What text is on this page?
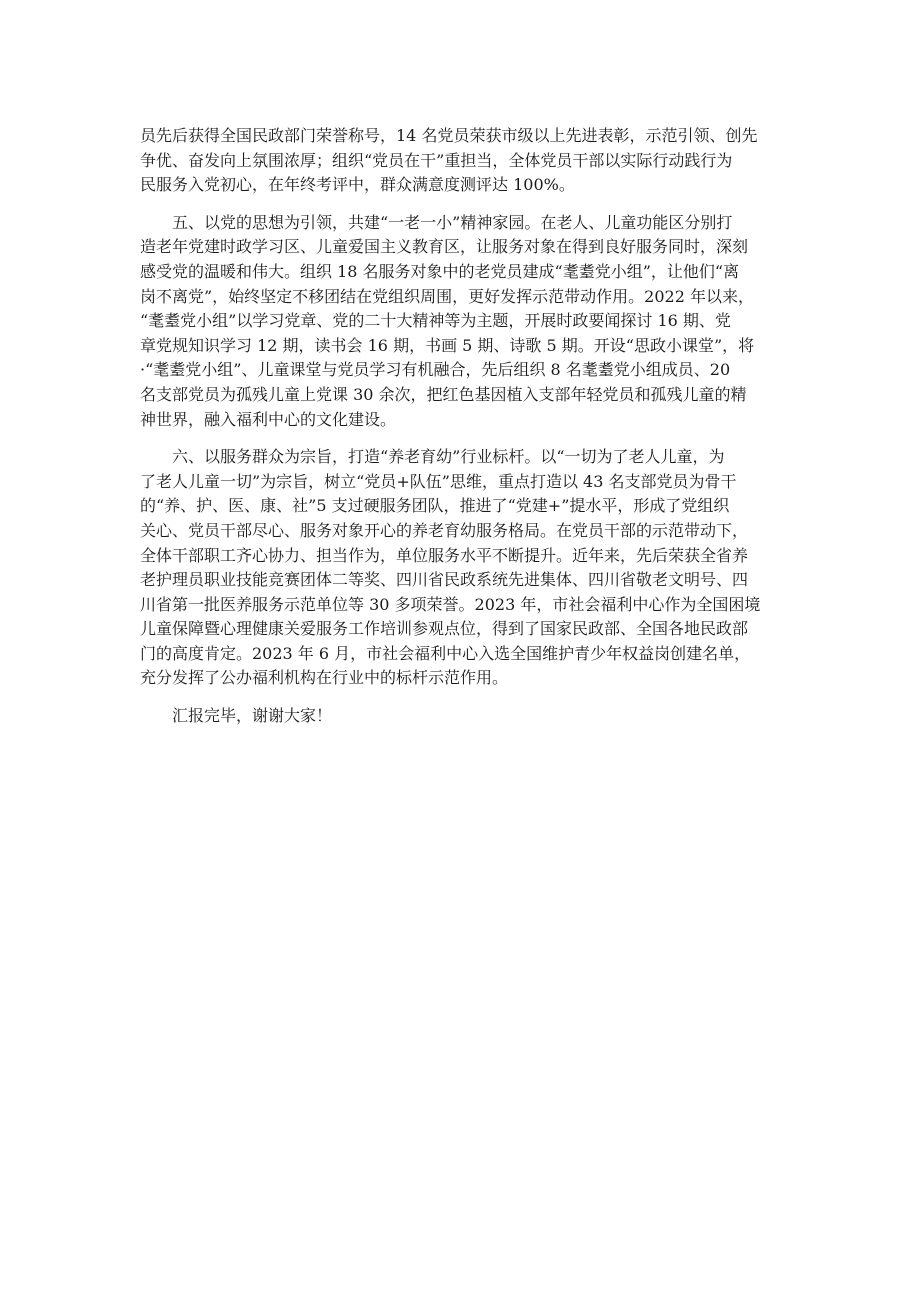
员先后获得全国民政部门荣誉称号，14 名党员荣获市级以上先进表彰，示范引领、创先
争优、奋发向上氛围浓厚；组织“党员在干”重担当，全体党员干部以实际行动践行为
民服务入党初心，在年终考评中，群众满意度测评达 100%。
五、以党的思想为引领，共建“一老一小”精神家园。在老人、儿童功能区分别打
造老年党建时政学习区、儿童爱国主义教育区，让服务对象在得到良好服务同时，深刻
感受党的温暖和伟大。组织 18 名服务对象中的老党员建成“耄耋党小组”，让他们“离
岗不离党”，始终坚定不移团结在党组织周围，更好发挥示范带动作用。2022 年以来，
“耄耋党小组”以学习党章、党的二十大精神等为主题，开展时政要闻探讨 16 期、党
章党规知识学习 12 期，读书会 16 期，书画 5 期、诗歌 5 期。开设“思政小课堂”，将
·“耄耋党小组”、儿童课堂与党员学习有机融合，先后组织 8 名耄耋党小组成员、20
名支部党员为孤残儿童上党课 30 余次，把红色基因植入支部年轻党员和孤残儿童的精
神世界，融入福利中心的文化建设。
六、以服务群众为宗旨，打造“养老育幼”行业标杆。以“一切为了老人儿童，为
了老人儿童一切”为宗旨，树立“党员+队伍”思维，重点打造以 43 名支部党员为骨干
的“养、护、医、康、社”5 支过硬服务团队，推进了“党建+”提水平，形成了党组织
关心、党员干部尽心、服务对象开心的养老育幼服务格局。在党员干部的示范带动下，
全体干部职工齐心协力、担当作为，单位服务水平不断提升。近年来，先后荣获全省养
老护理员职业技能竞赛团体二等奖、四川省民政系统先进集体、四川省敬老文明号、四
川省第一批医养服务示范单位等 30 多项荣誉。2023 年，市社会福利中心作为全国困境
儿童保障暨心理健康关爱服务工作培训参观点位，得到了国家民政部、全国各地民政部
门的高度肯定。2023 年 6 月，市社会福利中心入选全国维护青少年权益岗创建名单，
充分发挥了公办福利机构在行业中的标杆示范作用。
汇报完毕，谢谢大家！
